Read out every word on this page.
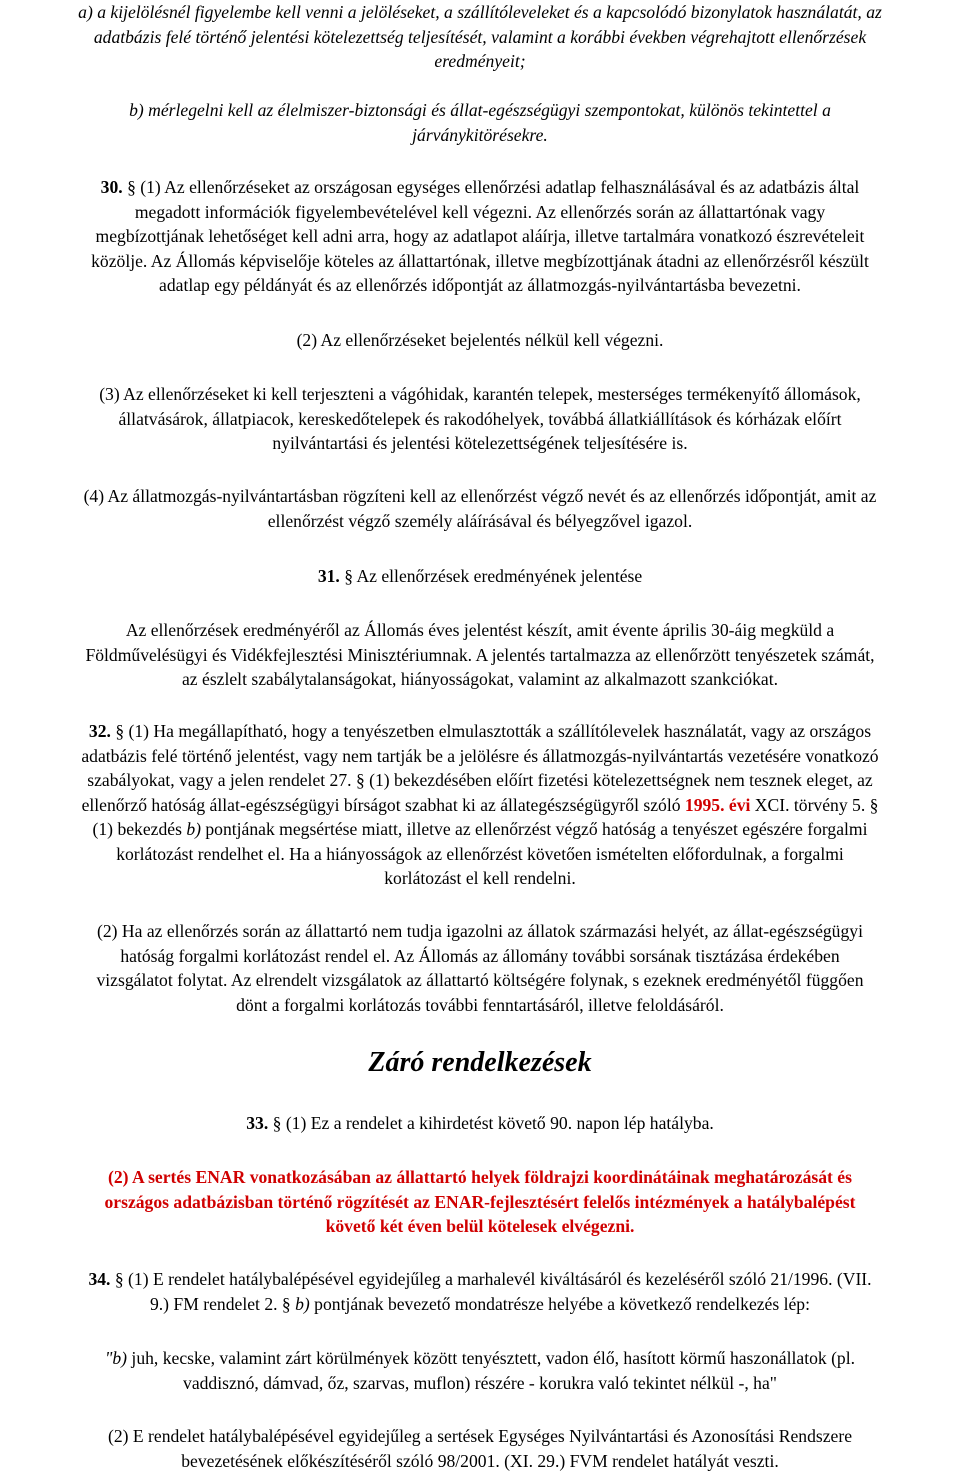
a) a kijelölésnél figyelembe kell venni a jelöléseket, a szállítóleveleket és a kapcsolódó bizonylatok használatát, az
adatbázis felé történő jelentési kötelezettség teljesítését, valamint a korábbi években végrehajtott ellenőrzések
eredményeit;

b) mérlegelni kell az élelmiszer-biztonsági és állat-egészségügyi szempontokat, különös tekintettel a
járványkitörésekre.

30. § (1) Az ellenőrzéseket az országosan egységes ellenőrzési adatlap felhasználásával és az adatbázis által
megadott információk figyelembevételével kell végezni. Az ellenőrzés során az állattartónak vagy
megbízottjának lehetőséget kell adni arra, hogy az adatlapot aláírja, illetve tartalmára vonatkozó észrevételeit
közölje. Az Állomás képviselője köteles az állattartónak, illetve megbízottjának átadni az ellenőrzésről készült
adatlap egy példányát és az ellenőrzés időpontját az állatmozgás-nyilvántartásba bevezetni.

(2) Az ellenőrzéseket bejelentés nélkül kell végezni.

(3) Az ellenőrzéseket ki kell terjeszteni a vágóhidak, karantén telepek, mesterséges termékenyítő állomások,
állatvásárok, állatpiacok, kereskedőtelepek és rakodóhelyek, továbbá állatkiállítások és kórházak előírt
nyilvántartási és jelentési kötelezettségének teljesítésére is.

(4) Az állatmozgás-nyilvántartásban rögzíteni kell az ellenőrzést végző nevét és az ellenőrzés időpontját, amit az
ellenőrzést végző személy aláírásával és bélyegzővel igazol.

31. § Az ellenőrzések eredményének jelentése

Az ellenőrzések eredményéről az Állomás éves jelentést készít, amit évente április 30-áig megküld a
Földművelésügyi és Vidékfejlesztési Minisztériumnak. A jelentés tartalmazza az ellenőrzött tenyészetek számát,
az észlelt szabálytalanságokat, hiányosságokat, valamint az alkalmazott szankciókat.

32. § (1) Ha megállapítható, hogy a tenyészetben elmulasztották a szállítólevelek használatát, vagy az országos
adatbázis felé történő jelentést, vagy nem tartják be a jelölésre és állatmozgás-nyilvántartás vezetésére vonatkozó
szabályokat, vagy a jelen rendelet 27. § (1) bekezdésében előírt fizetési kötelezettségnek nem tesznek eleget, az
ellenőrző hatóság állat-egészségügyi bírságot szabhat ki az állategészségügyről szóló 1995. évi XCI. törvény 5. §
(1) bekezdés b) pontjának megsértése miatt, illetve az ellenőrzést végző hatóság a tenyészet egészére forgalmi
korlátozást rendelhet el. Ha a hiányosságok az ellenőrzést követően ismételten előfordulnak, a forgalmi
korlátozást el kell rendelni.

(2) Ha az ellenőrzés során az állattartó nem tudja igazolni az állatok származási helyét, az állat-egészségügyi
hatóság forgalmi korlátozást rendel el. Az Állomás az állomány további sorsának tisztázása érdekében
vizsgálatot folytat. Az elrendelt vizsgálatok az állattartó költségére folynak, s ezeknek eredményétől függően
dönt a forgalmi korlátozás további fenntartásáról, illetve feloldásáról.

Záró rendelkezések

33. § (1) Ez a rendelet a kihirdetést követő 90. napon lép hatályba.

(2) A sertés ENAR vonatkozásában az állattartó helyek földrajzi koordinátáinak meghatározását és
országos adatbázisban történő rögzítését az ENAR-fejlesztésért felelős intézmények a hatálybalépést
követő két éven belül kötelesek elvégezni.

34. § (1) E rendelet hatálybalépésével egyidejűleg a marhalevél kiváltásáról és kezeléséről szóló 21/1996. (VII.
9.) FM rendelet 2. § b) pontjának bevezető mondatrésze helyébe a következő rendelkezés lép:

"b) juh, kecske, valamint zárt körülmények között tenyésztett, vadon élő, hasított körmű haszonállatok (pl.
vaddisznó, dámvad, őz, szarvas, muflon) részére - korukra való tekintet nélkül -, ha"

(2) E rendelet hatálybalépésével egyidejűleg a sertések Egységes Nyilvántartási és Azonosítási Rendszere
bevezetésének előkészítéséről szóló 98/2001. (XI. 29.) FVM rendelet hatályát veszti.
